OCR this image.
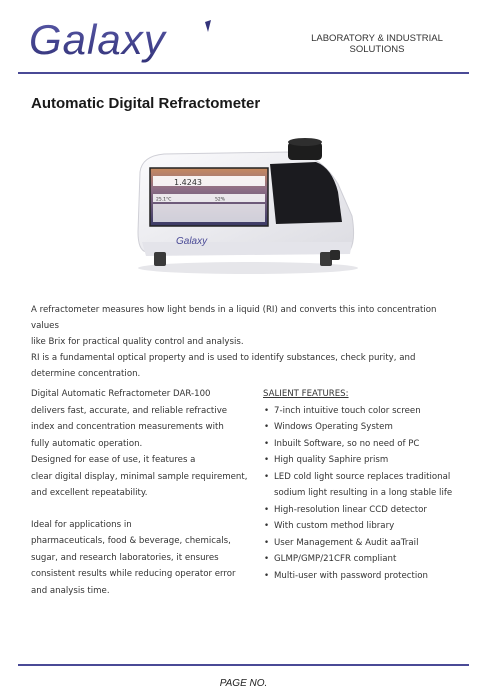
Galaxy	LABORATORY & INDUSTRIAL
SOLUTIONS
Automatic Digital Refractometer
1.4243
25.1°C	52%
Galaxy

A refractometer measures how light bends in a liquid (RI) and converts this into concentration values

like Brix for practical quality control and analysis.

RI is a fundamental optical property and is used to identify substances, check purity, and

determine concentration.

Digital Automatic Refractometer DAR-100

delivers fast, accurate, and reliable refractive

index and concentration measurements with

fully automatic operation.

Designed for ease of use, it features a

clear digital display, minimal sample requirement,

and excellent repeatability.

Ideal for applications in

pharmaceuticals, food & beverage, chemicals,

sugar, and research laboratories, it ensures

consistent results while reducing operator error

and analysis time.

SALIENT FEATURES:

• 7-inch intuitive touch color screen
• Windows Operating System
• Inbuilt Software, so no need of PC
• High quality Saphire prism
• LED cold light source replaces traditional
sodium light resulting in a long stable life
• High-resolution linear CCD detector
• With custom method library
• User Management & Audit aaTrail
• GLMP/GMP/21CFR compliant
• Multi-user with password protection
PAGE NO.
